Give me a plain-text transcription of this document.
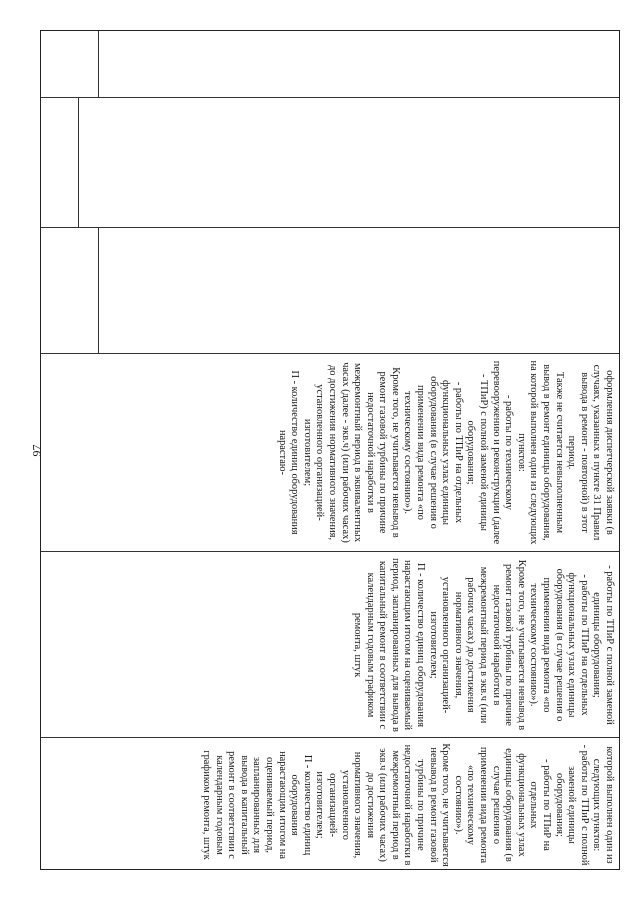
97

которой выполнен один из следующих пунктов:

- работы по ТПиР с полной заменой единицы оборудования;

- работы по ТПиР на отдельных функциональных узлах единицы оборудования (в случае решения о применении вида ремонта «по техническому состоянию»).

Кроме того, не учитывается невывод в ремонт газовой турбины по причине недостаточной наработки в межремонтный период в экв.ч (или рабочих часах) до достижения нормативного значения, установленного организацией-изготовителем;

П - количество единиц оборудования нарастающим итогом на оцениваемый период, запланированных для вывода в капитальный ремонт в соответствии с календарным годовым графиком ремонта, штук

- работы по ТПиР с полной заменой единицы оборудования;

- работы по ТПиР на отдельных функциональных узлах единицы оборудования (в случае решения о применении вида ремонта «по техническому состоянию»).

Кроме того, не учитывается невывод в ремонт газовой турбины по причине недостаточной наработки в межремонтный период в экв.ч (или рабочих часах) до достижения нормативного значения, установленного организацией-изготовителем;

П - количество единиц оборудования нарастающим итогом на оцениваемый период, запланированных для вывода в капитальный ремонт в соответствии с календарным годовым графиком ремонта, штук

оформления диспетчерской заявки (в случаях, указанных в пункте 31 Правил вывода в ремонт - повторной) в этот период.

Также не считается невыполненным вывод в ремонт единицы оборудования, на которой выполнен один из следующих пунктов:

- работы по техническому перевооружению и реконструкции (далее - ТПиР) с полной заменой единицы оборудования;

- работы по ТПиР на отдельных функциональных узлах единицы оборудования (в случае решения о применении вида ремонта «по техническому состоянию»).

Кроме того, не учитывается невывод в ремонт газовой турбины по причине недостаточной наработки в межремонтный период в эквивалентных часах (далее - экв.ч) (или рабочих часах) до достижения нормативного значения, установленного организацией-изготовителем;

П - количество единиц оборудования нарастаю-
